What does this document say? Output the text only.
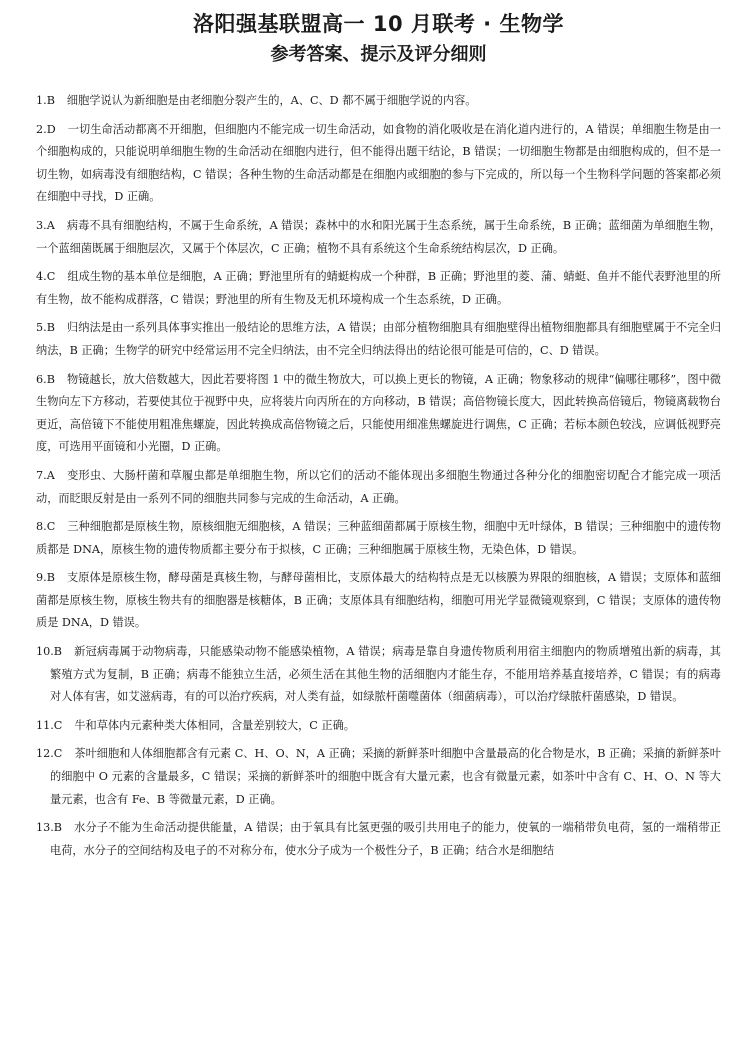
洛阳强基联盟高一 10 月联考 · 生物学
参考答案、提示及评分细则

1.B 细胞学说认为新细胞是由老细胞分裂产生的，A、C、D 都不属于细胞学说的内容。

2.D 一切生命活动都离不开细胞，但细胞内不能完成一切生命活动，如食物的消化吸收是在消化道内进行的，A 错误；单细胞生物是由一个细胞构成的，只能说明单细胞生物的生命活动在细胞内进行，但不能得出题干结论，B 错误；一切细胞生物都是由细胞构成的，但不是一切生物，如病毒没有细胞结构，C 错误；各种生物的生命活动都是在细胞内或细胞的参与下完成的，所以每一个生物科学问题的答案都必须在细胞中寻找，D 正确。

3.A 病毒不具有细胞结构，不属于生命系统，A 错误；森林中的水和阳光属于生态系统，属于生命系统，B 正确；蓝细菌为单细胞生物，一个蓝细菌既属于细胞层次，又属于个体层次，C 正确；植物不具有系统这个生命系统结构层次，D 正确。

4.C 组成生物的基本单位是细胞，A 正确；野池里所有的蜻蜓构成一个种群，B 正确；野池里的菱、蒲、蜻蜓、鱼并不能代表野池里的所有生物，故不能构成群落，C 错误；野池里的所有生物及无机环境构成一个生态系统，D 正确。

5.B 归纳法是由一系列具体事实推出一般结论的思维方法，A 错误；由部分植物细胞具有细胞壁得出植物细胞都具有细胞壁属于不完全归纳法，B 正确；生物学的研究中经常运用不完全归纳法，由不完全归纳法得出的结论很可能是可信的，C、D 错误。

6.B 物镜越长，放大倍数越大，因此若要将图 1 中的微生物放大，可以换上更长的物镜，A 正确；物象移动的规律“偏哪往哪移”，图中微生物向左下方移动，若要使其位于视野中央，应将装片向丙所在的方向移动，B 错误；高倍物镜长度大，因此转换高倍镜后，物镜离载物台更近，高倍镜下不能使用粗准焦螺旋，因此转换成高倍物镜之后，只能使用细准焦螺旋进行调焦，C 正确；若标本颜色较浅，应调低视野亮度，可选用平面镜和小光圈，D 正确。

7.A 变形虫、大肠杆菌和草履虫都是单细胞生物，所以它们的活动不能体现出多细胞生物通过各种分化的细胞密切配合才能完成一项活动，而眨眼反射是由一系列不同的细胞共同参与完成的生命活动，A 正确。

8.C 三种细胞都是原核生物，原核细胞无细胞核，A 错误；三种蓝细菌都属于原核生物，细胞中无叶绿体，B 错误；三种细胞中的遗传物质都是 DNA，原核生物的遗传物质都主要分布于拟核，C 正确；三种细胞属于原核生物，无染色体，D 错误。

9.B 支原体是原核生物，酵母菌是真核生物，与酵母菌相比，支原体最大的结构特点是无以核膜为界限的细胞核，A 错误；支原体和蓝细菌都是原核生物，原核生物共有的细胞器是核糖体，B 正确；支原体具有细胞结构，细胞可用光学显微镜观察到，C 错误；支原体的遗传物质是 DNA，D 错误。

10.B 新冠病毒属于动物病毒，只能感染动物不能感染植物，A 错误；病毒是靠自身遗传物质利用宿主细胞内的物质增殖出新的病毒，其繁殖方式为复制，B 正确；病毒不能独立生活，必须生活在其他生物的活细胞内才能生存，不能用培养基直接培养，C 错误；有的病毒对人体有害，如艾滋病毒，有的可以治疗疾病，对人类有益，如绿脓杆菌噬菌体（细菌病毒），可以治疗绿脓杆菌感染，D 错误。

11.C 牛和草体内元素种类大体相同，含量差别较大，C 正确。

12.C 茶叶细胞和人体细胞都含有元素 C、H、O、N，A 正确；采摘的新鲜茶叶细胞中含量最高的化合物是水，B 正确；采摘的新鲜茶叶的细胞中 O 元素的含量最多，C 错误；采摘的新鲜茶叶的细胞中既含有大量元素，也含有微量元素，如茶叶中含有 C、H、O、N 等大量元素，也含有 Fe、B 等微量元素，D 正确。

13.B 水分子不能为生命活动提供能量，A 错误；由于氧具有比氢更强的吸引共用电子的能力，使氧的一端稍带负电荷，氢的一端稍带正电荷，水分子的空间结构及电子的不对称分布，使水分子成为一个极性分子，B 正确；结合水是细胞结
